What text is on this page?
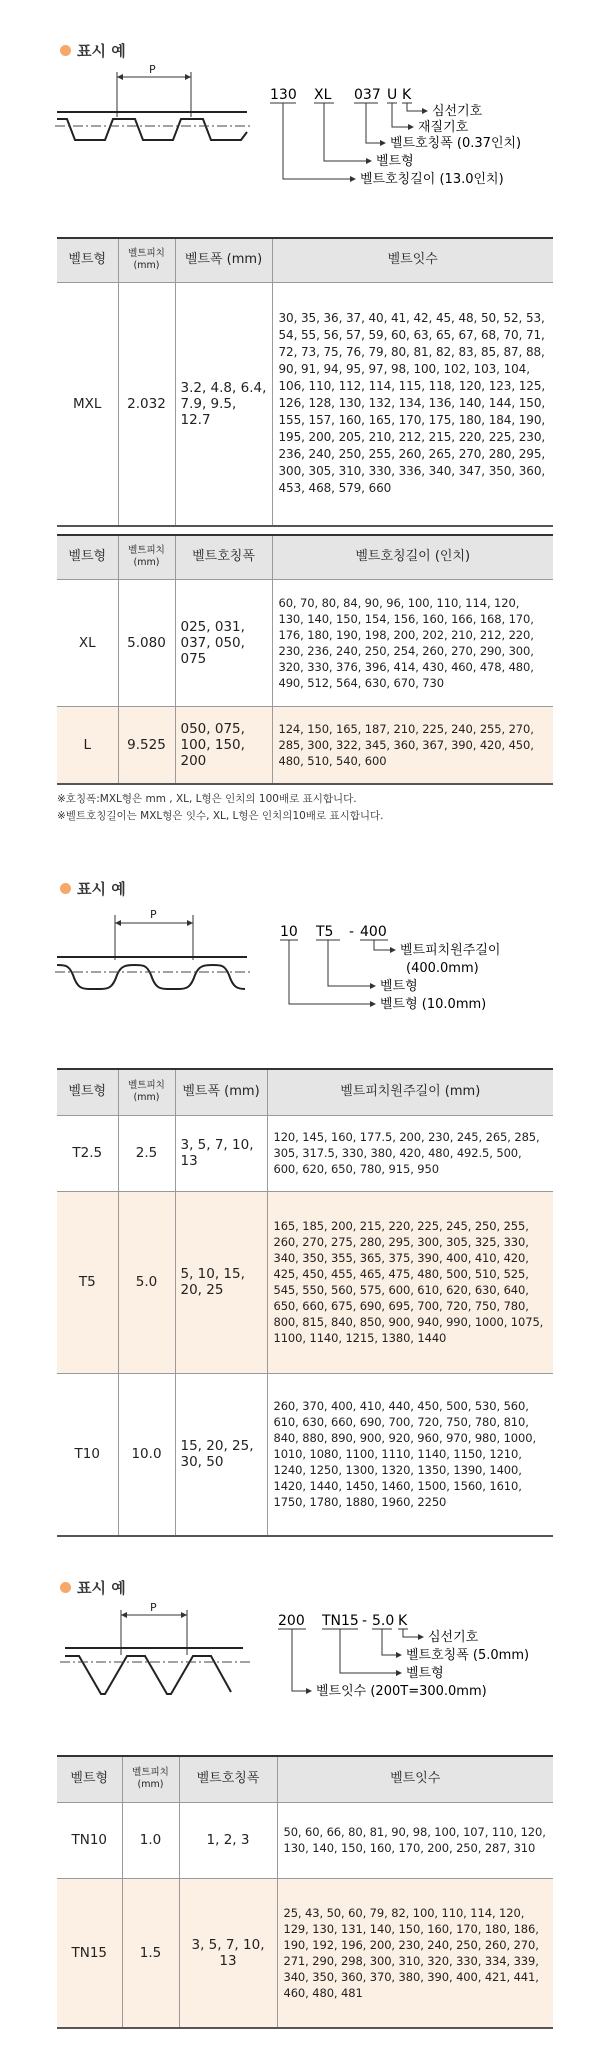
표시 예
P
130 XL 037 U K
심선기호
재질기호
벨트호칭폭 (0.37인치)
벨트형
벨트호칭길이 (13.0인치)
벨트형	벨트피치 (mm)	벨트폭 (mm)	벨트잇수
MXL	2.032	3.2, 4.8, 6.4, 7.9, 9.5, 12.7	30, 35, 36, 37, 40, 41, 42, 45, 48, 50, 52, 53, 54, 55, 56, 57, 59, 60, 63, 65, 67, 68, 70, 71, 72, 73, 75, 76, 79, 80, 81, 82, 83, 85, 87, 88, 90, 91, 94, 95, 97, 98, 100, 102, 103, 104, 106, 110, 112, 114, 115, 118, 120, 123, 125, 126, 128, 130, 132, 134, 136, 140, 144, 150, 155, 157, 160, 165, 170, 175, 180, 184, 190, 195, 200, 205, 210, 212, 215, 220, 225, 230, 236, 240, 250, 255, 260, 265, 270, 280, 295, 300, 305, 310, 330, 336, 340, 347, 350, 360, 453, 468, 579, 660
벨트형	벨트피치 (mm)	벨트호칭폭	벨트호칭길이 (인치)
XL	5.080	025, 031, 037, 050, 075	60, 70, 80, 84, 90, 96, 100, 110, 114, 120, 130, 140, 150, 154, 156, 160, 166, 168, 170, 176, 180, 190, 198, 200, 202, 210, 212, 220, 230, 236, 240, 250, 254, 260, 270, 290, 300, 320, 330, 376, 396, 414, 430, 460, 478, 480, 490, 512, 564, 630, 670, 730
L	9.525	050, 075, 100, 150, 200	124, 150, 165, 187, 210, 225, 240, 255, 270, 285, 300, 322, 345, 360, 367, 390, 420, 450, 480, 510, 540, 600
※호칭폭:MXL형은 mm , XL, L형은 인치의 100배로 표시합니다.
※벨트호칭길이는 MXL형은 잇수, XL, L형은 인치의10배로 표시합니다.
표시 예
P
10 T5 - 400
벨트피치원주길이
(400.0mm)
벨트형
벨트형 (10.0mm)
벨트형	벨트피치 (mm)	벨트폭 (mm)	벨트피치원주길이 (mm)
T2.5	2.5	3, 5, 7, 10, 13	120, 145, 160, 177.5, 200, 230, 245, 265, 285, 305, 317.5, 330, 380, 420, 480, 492.5, 500, 600, 620, 650, 780, 915, 950
T5	5.0	5, 10, 15, 20, 25	165, 185, 200, 215, 220, 225, 245, 250, 255, 260, 270, 275, 280, 295, 300, 305, 325, 330, 340, 350, 355, 365, 375, 390, 400, 410, 420, 425, 450, 455, 465, 475, 480, 500, 510, 525, 545, 550, 560, 575, 600, 610, 620, 630, 640, 650, 660, 675, 690, 695, 700, 720, 750, 780, 800, 815, 840, 850, 900, 940, 990, 1000, 1075, 1100, 1140, 1215, 1380, 1440
T10	10.0	15, 20, 25, 30, 50	260, 370, 400, 410, 440, 450, 500, 530, 560, 610, 630, 660, 690, 700, 720, 750, 780, 810, 840, 880, 890, 900, 920, 960, 970, 980, 1000, 1010, 1080, 1100, 1110, 1140, 1150, 1210, 1240, 1250, 1300, 1320, 1350, 1390, 1400, 1420, 1440, 1450, 1460, 1500, 1560, 1610, 1750, 1780, 1880, 1960, 2250
표시 예
P
200 TN15 - 5.0 K
심선기호
벨트호칭폭 (5.0mm)
벨트형
벨트잇수 (200T=300.0mm)
벨트형	벨트피치 (mm)	벨트호칭폭	벨트잇수
TN10	1.0	1, 2, 3	50, 60, 66, 80, 81, 90, 98, 100, 107, 110, 120, 130, 140, 150, 160, 170, 200, 250, 287, 310
TN15	1.5	3, 5, 7, 10, 13	25, 43, 50, 60, 79, 82, 100, 110, 114, 120, 129, 130, 131, 140, 150, 160, 170, 180, 186, 190, 192, 196, 200, 230, 240, 250, 260, 270, 271, 290, 298, 300, 310, 320, 330, 334, 339, 340, 350, 360, 370, 380, 390, 400, 421, 441, 460, 480, 481
